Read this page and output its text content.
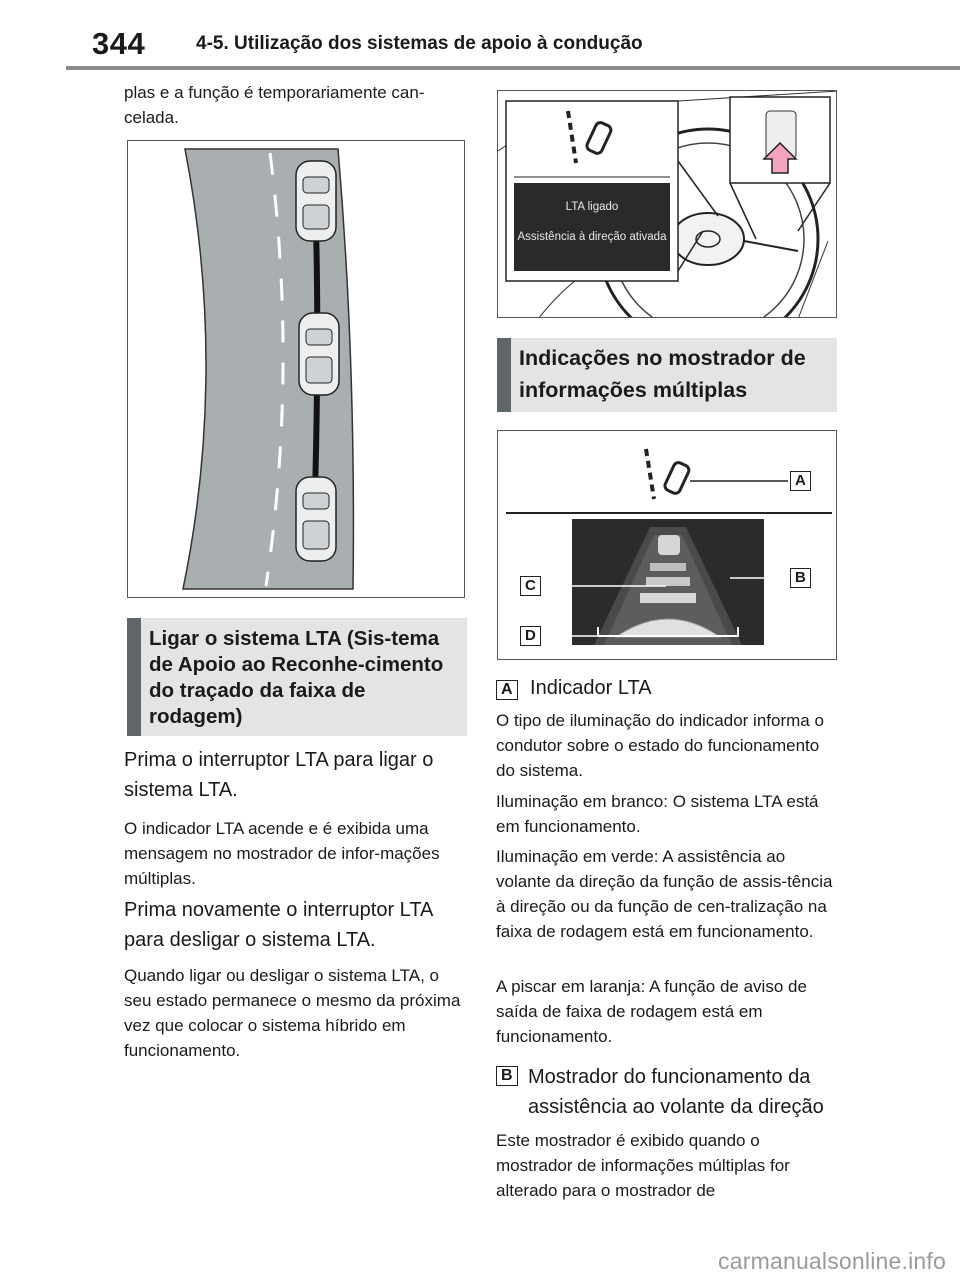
344	4-5. Utilização dos sistemas de apoio à condução
plas e a função é temporariamente can-celada.
Ligar o sistema LTA (Sis-tema de Apoio ao Reconhe-cimento do traçado da faixa de rodagem)
Prima o interruptor LTA para ligar o sistema LTA.
O indicador LTA acende e é exibida uma mensagem no mostrador de infor-mações múltiplas.
Prima novamente o interruptor LTA para desligar o sistema LTA.
Quando ligar ou desligar o sistema LTA, o seu estado permanece o mesmo da próxima vez que colocar o sistema híbrido em funcionamento.
LTA ligado
Assistência à direção ativada
Indicações no mostrador de informações múltiplas
A
B
C
D
A Indicador LTA
O tipo de iluminação do indicador informa o condutor sobre o estado do funcionamento do sistema.
Iluminação em branco: O sistema LTA está em funcionamento.
Iluminação em verde: A assistência ao volante da direção da função de assis-tência à direção ou da função de cen-tralização na faixa de rodagem está em funcionamento.
A piscar em laranja: A função de aviso de saída de faixa de rodagem está em funcionamento.
B Mostrador do funcionamento da assistência ao volante da direção
Este mostrador é exibido quando o mostrador de informações múltiplas for alterado para o mostrador de
carmanualsonline.info
